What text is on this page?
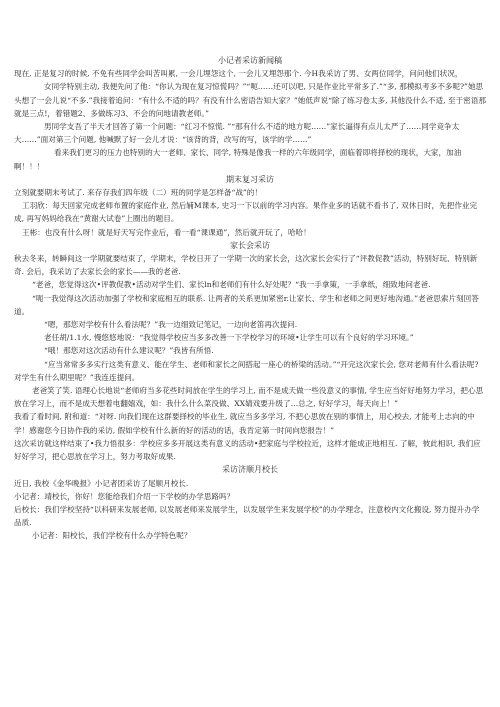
小记者采访新闻稿

现在, 正是复习的时候, 不免有些同学会叫苦叫累, 一会儿埋怨这个, 一会儿又埋怨那个. 今H我采访了男、女两位同学，问问他们状况，

女同学特别主动, 我便先问了他：“你认为现在复习惊慌吗？”“呃……还可以吧, 只是作业比平常多了.”“多, 那模拟考多不多呢?”她思头想了一会儿说“不多.”我接着追问：“有什么不适的吗？有没有什么密语告知大家？”她低声说“除了练习卷太多, 其他没什么不适, 至于密语那就是三点!，着错题2、多做练习3、不会的问地请教老师。”

男同学支吾了半天才回答了第一个问题：“红习不惊慌. ”“那有什么不适的地方呢……”家长逼得有点儿太严了……同学竞争太大……”面对第三个问题, 他喊默了好一会儿才说：“该背的背，改写的写，该学的学……”

看来我们更习的压力也特别的大一老师、家长、同学, 特殊是像我一样的六年级同学，面临着即将择校的现状，大家，加油啊！！！

期末复习采访

立刻就要期末考试了. 来存存我们四年级（二）班的同学是怎样备“战”的！

工羽欣：每天回家完成老师布置的家庭作业, 然后辅M课本, 史习一下以前的学习内容。果作业多的话就不看书了, 双休日时，先把作业完成, 再写妈妈给我在“黄谢大试卷”上圈出的题目。

王彬：也没有什么呀！就是好天写完作业后，看一看“课课通”，然后就开玩了，哈哈！

家长会采访

秋去冬来，转瞬间这一学期就要结束了，学期末，学校日开了一学期一次的家长会，这次家长会实行了“评教促教”活动，特别好玩、特别新奇. 会后，我采访了去家长会的家长——我的老爸.

“老爸，您觉得这次•评教促教•活动对学生们、家长ln和老师们有什么好处呢？“我一手拿策，一手拿纸，细致地问老爸.

“呃一我觉得这次活动加强了学校和家庭相互的联系. 让两者的关系更加紧密r.让家长、学生和老师之间更好地沟通。”老爸思索片刻回答道。

“嗯，那您对学校有什么看法呢？”我一边细致记笔记，一边向老笛再次提问.

老任胡/1.1水, 慢悠悠地说：“我觉得学校应当多多改善一下学校学习的环境•让学生可以有个良好的学习环境。”

“哦！那您对这次活动有什么建议呢？”我皆有所悟.

“应当常常多多实行这类有意义、能在学生、老师和家长之间搭起一座心的桥梁的活动。”“开完这次家长会, 您对老师有什么看法呢? 对学生有什么期里呢？”我连连提问。

老爸笑了笑. 语理心长地说“老师府当多花些时间放在学生的学习上, 而不是成天做一些没意义的事情, 学生应当好好地努力学习，把心思放在学习上，而不是成天想着电翻嬉戏，如：我什么什么菜没做、XX婧戏要升级了…总之, 好好学习，每天向上！”

我看了看时间, 附和道：“对呀. 向我们现在这群要择校的毕业生, 就应当多多学习, 不把心思放在别的事情上，用心校去, 才能考上志向的中学！感谢您今日协作我的采访, 假如学校有什么新的好的活动的话，我肯定第一时间向您报告！”

这次采访就这样结束了•我力悟很多：学校应多多开展这类有意义的活动•把家庭与学校拉近，这样才能成正地相互. 了解，彼此相识, 我们应好好学习，把心思放在学习上，努力考取好成果.

采访济顺月校长

近日, 我校《金华晚报》小记者团采访了尾顺月校长.

小记者：靖校长，你好！您能给我们介绍一下学校的办学思路吗？

后校长：我们学校坚持“以科研来发展老师, 以发展老师来发展学生，以发展学生来发展学校”的办学理念，注意校内文化搬设, 努力提升办学品质.

小记者：阳校长，我们学校有什么办学特色呢？
